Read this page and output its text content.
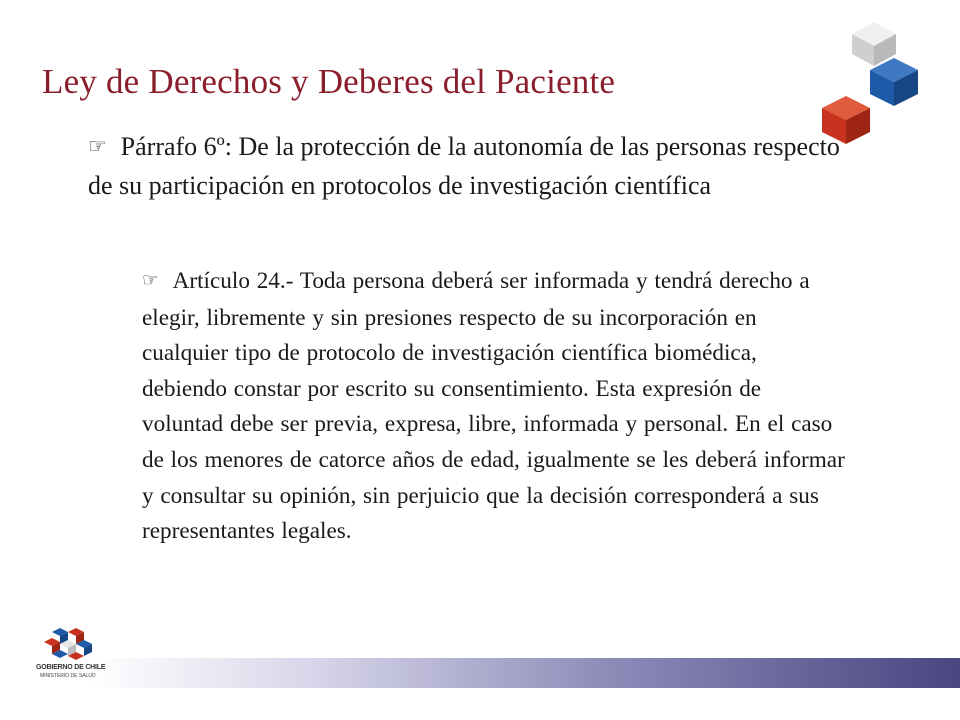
Ley de Derechos y Deberes del Paciente
☞ Párrafo 6º: De la protección de la autonomía de las personas respecto de su participación en protocolos de investigación científica
☞ Artículo 24.- Toda persona deberá ser informada y tendrá derecho a elegir, libremente y sin presiones respecto de su incorporación en cualquier tipo de protocolo de investigación científica biomédica, debiendo constar por escrito su consentimiento. Esta expresión de voluntad debe ser previa, expresa, libre, informada y personal. En el caso de los menores de catorce años de edad, igualmente se les deberá informar y consultar su opinión, sin perjuicio que la decisión corresponderá a sus representantes legales.
GOBIERNO DE CHILE
MINISTERIO DE SALUD
